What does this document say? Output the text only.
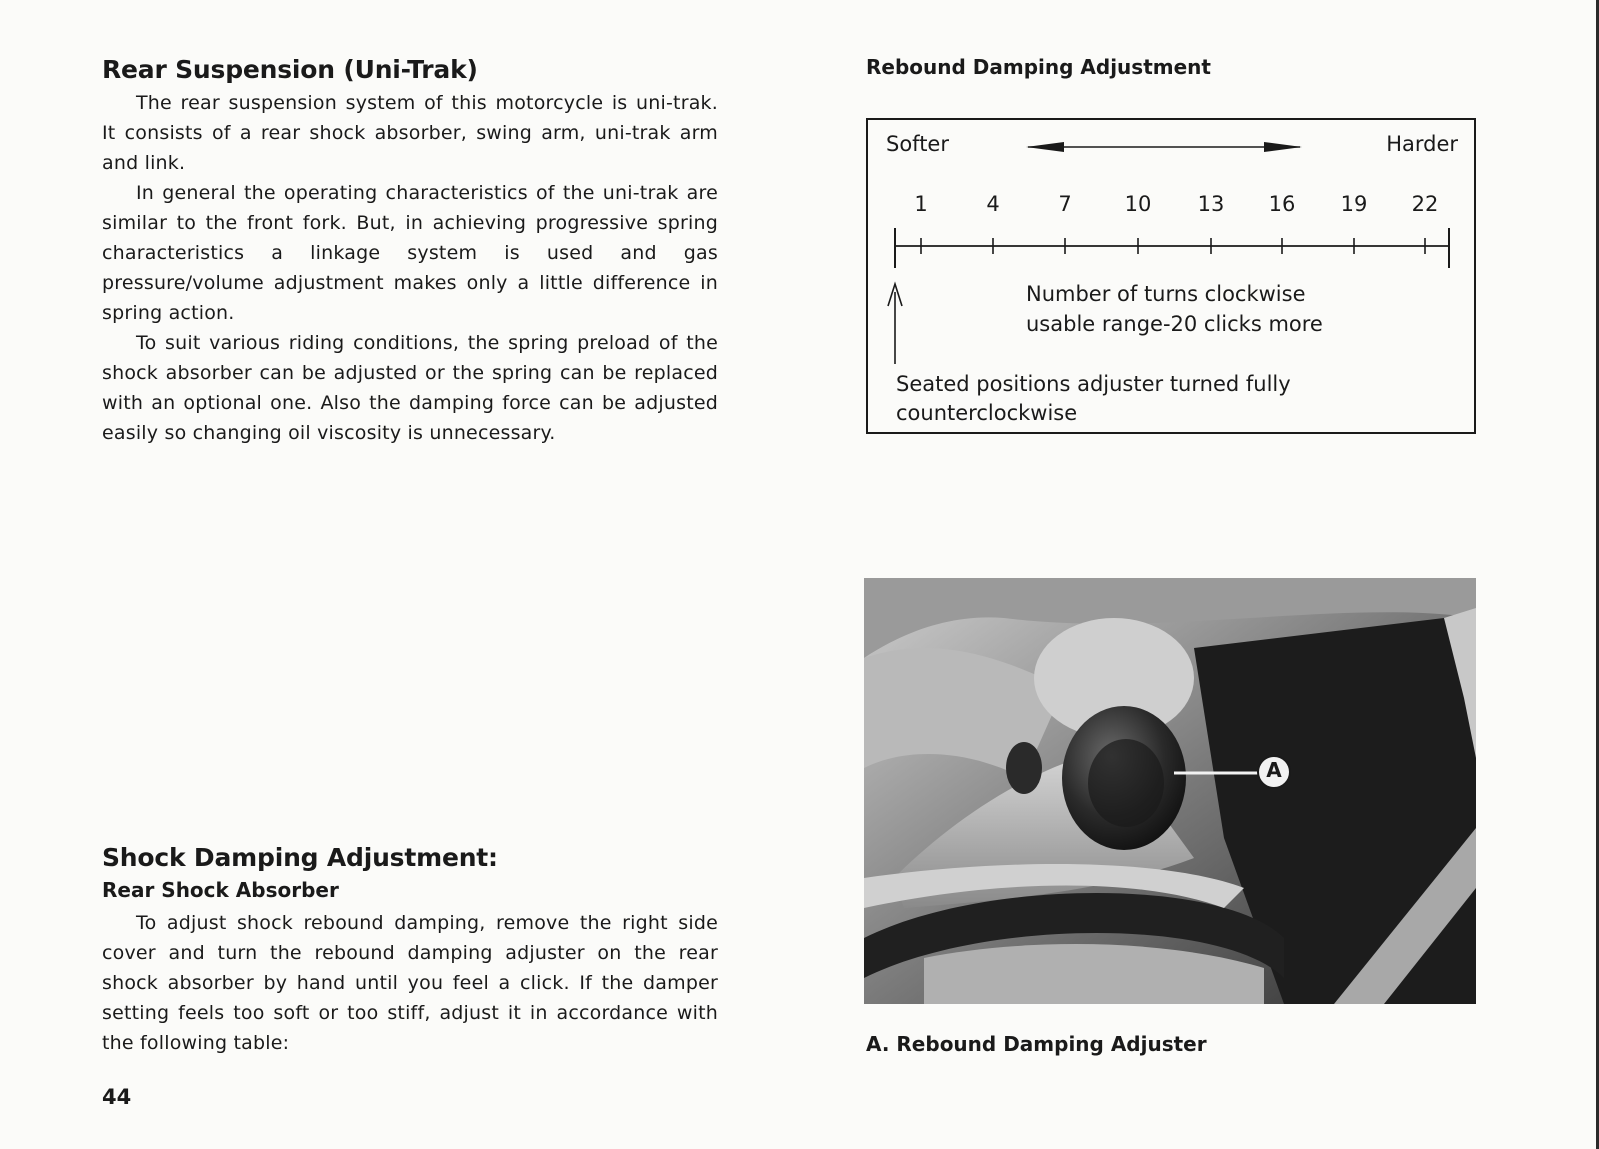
Rear Suspension (Uni-Trak)

The rear suspension system of this motorcycle is uni-trak. It consists of a rear shock absorber, swing arm, uni-trak arm and link.

In general the operating characteristics of the uni-trak are similar to the front fork. But, in achieving progressive spring characteristics a linkage system is used and gas pressure/volume adjustment makes only a little difference in spring action.

To suit various riding conditions, the spring preload of the shock absorber can be adjusted or the spring can be replaced with an optional one. Also the damping force can be adjusted easily so changing oil viscosity is unnecessary.

Shock Damping Adjustment:
Rear Shock Absorber

To adjust shock rebound damping, remove the right side cover and turn the rebound damping adjuster on the rear shock absorber by hand until you feel a click. If the damper setting feels too soft or too stiff, adjust it in accordance with the following table:

44
Rebound Damping Adjustment
Softer	Harder
1	4	7	10 13 16 19 22
Number of turns clockwise
usable range-20 clicks more
Seated positions adjuster turned fully
counterclockwise
A
A. Rebound Damping Adjuster
